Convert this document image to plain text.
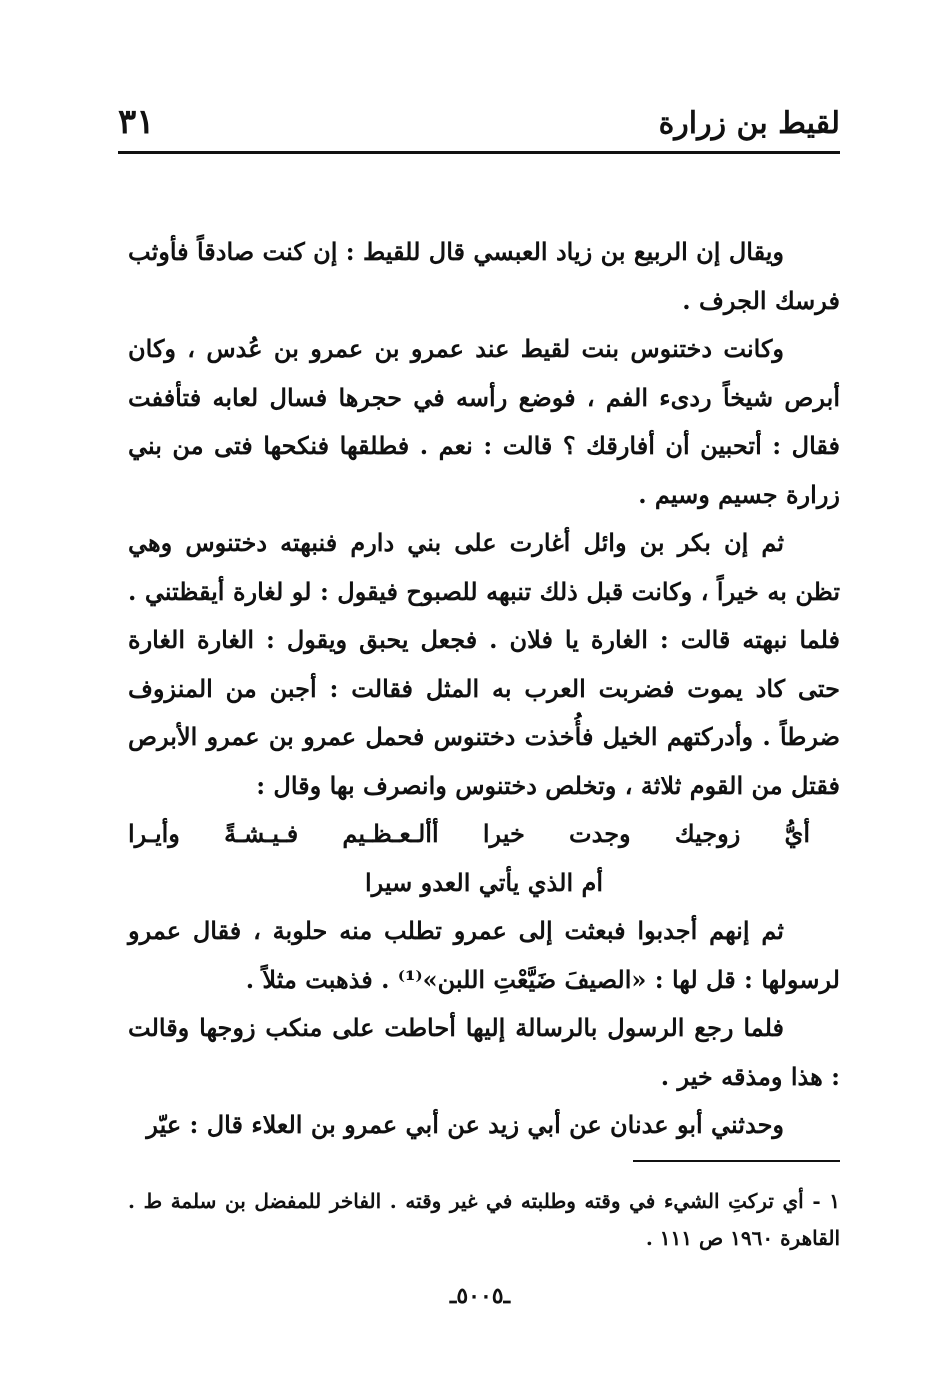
لقيط بن زرارة
٣١

ويقال إن الربيع بن زياد العبسي قال للقيط : إن كنت صادقاً فأوثب فرسك الجرف .

وكانت دختنوس بنت لقيط عند عمرو بن عمرو بن عُدس ، وكان أبرص شيخاً ردىء الفم ، فوضع رأسه في حجرها فسال لعابه فتأففت فقال : أتحبين أن أفارقك ؟ قالت : نعم . فطلقها فنكحها فتى من بني زرارة جسيم وسيم .

ثم إن بكر بن وائل أغارت على بني دارم فنبهته دختنوس وهي تظن به خيراً ، وكانت قبل ذلك تنبهه للصبوح فيقول : لو لغارة أيقظتني . فلما نبهته قالت : الغارة يا فلان . فجعل يحبق ويقول : الغارة الغارة حتى كاد يموت فضربت العرب به المثل فقالت : أجبن من المنزوف ضرطاً . وأدركتهم الخيل فأُخذت دختنوس فحمل عمرو بن عمرو الأبرص فقتل من القوم ثلاثة ، وتخلص دختنوس وانصرف بها وقال :

أيُّ زوجيك وجدت خيرا أألـعـظـيم فـيـشـةً وأيـرا
أم الذي يأتي العدو سيرا

ثم إنهم أجدبوا فبعثت إلى عمرو تطلب منه حلوبة ، فقال عمرو لرسولها : قل لها : «الصيفَ ضَيَّعْتِ اللبن»⁽¹⁾ . فذهبت مثلاً .

فلما رجع الرسول بالرسالة إليها أحاطت على منكب زوجها وقالت : هذا ومذقه خير .

وحدثني أبو عدنان عن أبي زيد عن أبي عمرو بن العلاء قال : عيّر

١ - أي تركتِ الشيء في وقته وطلبته في غير وقته . الفاخر للمفضل بن سلمة ط . القاهرة ١٩٦٠ ص ١١١ .

ـ٥٠٠٥ـ
